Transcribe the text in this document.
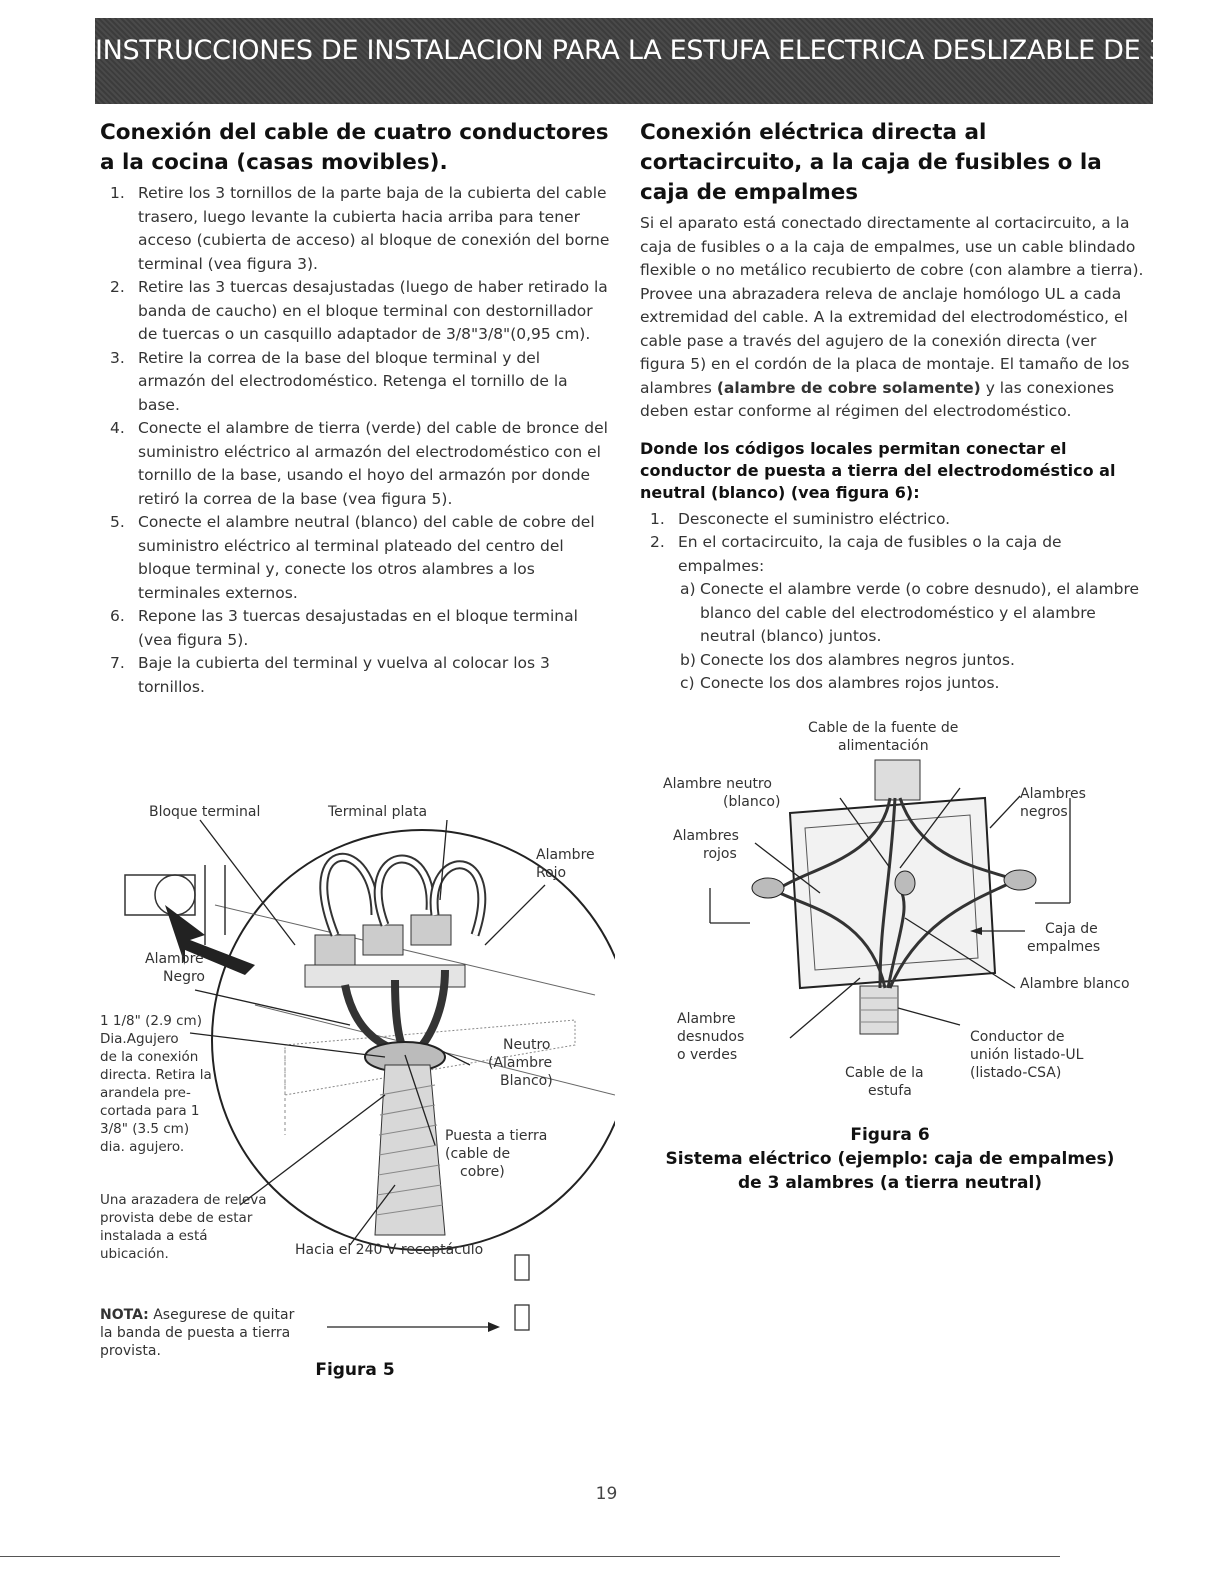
INSTRUCCIONES DE INSTALACION PARA LA ESTUFA ELECTRICA DESLIZABLE DE 30"
Conexión del cable de cuatro conductores a la cocina (casas movibles).
1. Retire los 3 tornillos de la parte baja de la cubierta del cable trasero, luego levante la cubierta hacia arriba para tener acceso (cubierta de acceso) al bloque de conexión del borne terminal (vea figura 3).
2. Retire las 3 tuercas desajustadas (luego de haber retirado la banda de caucho) en el bloque terminal con destornillador de tuercas o un casquillo adaptador de 3/8"3/8"(0,95 cm).
3. Retire la correa de la base del bloque terminal y del armazón del electrodoméstico. Retenga el tornillo de la base.
4. Conecte el alambre de tierra (verde) del cable de bronce del suministro eléctrico al armazón del electrodoméstico con el tornillo de la base, usando el hoyo del armazón por donde retiró la correa de la base (vea figura 5).
5. Conecte el alambre neutral (blanco) del cable de cobre del suministro eléctrico al terminal plateado del centro del bloque terminal y, conecte los otros alambres a los terminales externos.
6. Repone las 3 tuercas desajustadas en el bloque terminal (vea figura 5).
7. Baje la cubierta del terminal y vuelva al colocar los 3 tornillos.
Bloque terminal	Terminal plata
Alambre
Rojo
Alambre
Negro
1 1/8" (2.9 cm)
Dia.Agujero
de la conexión
directa. Retira la
arandela pre-
cortada para 1
3/8" (3.5 cm)
dia. agujero.
Neutro
(Alambre
Blanco)
Puesta a tierra
(cable de
cobre)
Una arazadera de releva
provista debe de estar
instalada a está
ubicación.	Hacia el 240 V receptáculo
NOTA: Asegurese de quitar
la banda de puesta a tierra
provista.
Figura 5
Conexión eléctrica directa al cortacircuito, a la caja de fusibles o la caja de empalmes

Si el aparato está conectado directamente al cortacircuito, a la caja de fusibles o a la caja de empalmes, use un cable blindado flexible o no metálico recubierto de cobre (con alambre a tierra). Provee una abrazadera releva de anclaje homólogo UL a cada extremidad del cable. A la extremidad del electrodoméstico, el cable pase a través del agujero de la conexión directa (ver figura 5) en el cordón de la placa de montaje. El tamaño de los alambres (alambre de cobre solamente) y las conexiones deben estar conforme al régimen del electrodoméstico.

Donde los códigos locales permitan conectar el conductor de puesta a tierra del electrodoméstico al neutral (blanco) (vea figura 6):
1. Desconecte el suministro eléctrico.
2. En el cortacircuito, la caja de fusibles o la caja de empalmes:
a) Conecte el alambre verde (o cobre desnudo), el alambre blanco del cable del electrodoméstico y el alambre neutral (blanco) juntos.
b) Conecte los dos alambres negros juntos.
c) Conecte los dos alambres rojos juntos.
Cable de la fuente de
alimentación
Alambre neutro
(blanco)	Alambres
negros
Alambres
rojos
Caja de
empalmes
Alambre blanco
Alambre
desnudos
o verdes
Conductor de
unión listado-UL
(listado-CSA)
Cable de la
estufa
Figura 6
Sistema eléctrico (ejemplo: caja de empalmes)
de 3 alambres (a tierra neutral)
19
